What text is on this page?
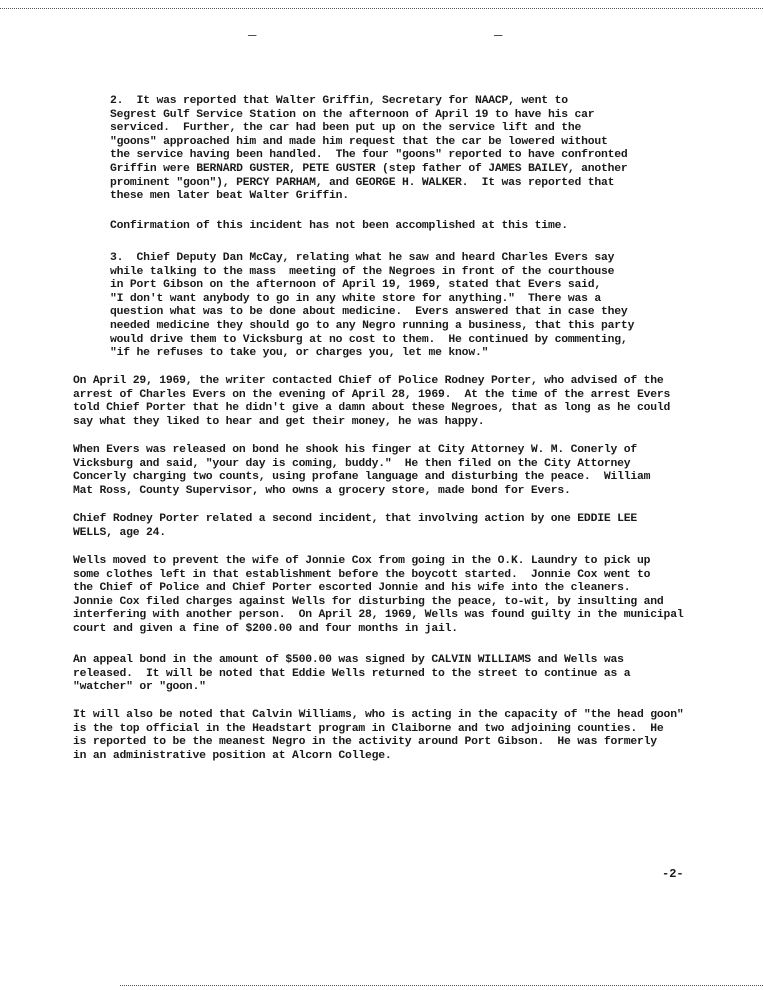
—	—
2.  It was reported that Walter Griffin, Secretary for NAACP, went to
Segrest Gulf Service Station on the afternoon of April 19 to have his car
serviced.  Further, the car had been put up on the service lift and the
"goons" approached him and made him request that the car be lowered without
the service having been handled.  The four "goons" reported to have confronted
Griffin were BERNARD GUSTER, PETE GUSTER (step father of JAMES BAILEY, another
prominent "goon"), PERCY PARHAM, and GEORGE H. WALKER.  It was reported that
these men later beat Walter Griffin.
Confirmation of this incident has not been accomplished at this time.
3.  Chief Deputy Dan McCay, relating what he saw and heard Charles Evers say
while talking to the mass  meeting of the Negroes in front of the courthouse
in Port Gibson on the afternoon of April 19, 1969, stated that Evers said,
"I don't want anybody to go in any white store for anything."  There was a
question what was to be done about medicine.  Evers answered that in case they
needed medicine they should go to any Negro running a business, that this party
would drive them to Vicksburg at no cost to them.  He continued by commenting,
"if he refuses to take you, or charges you, let me know."
On April 29, 1969, the writer contacted Chief of Police Rodney Porter, who advised of the
arrest of Charles Evers on the evening of April 28, 1969.  At the time of the arrest Evers
told Chief Porter that he didn't give a damn about these Negroes, that as long as he could
say what they liked to hear and get their money, he was happy.
When Evers was released on bond he shook his finger at City Attorney W. M. Conerly of
Vicksburg and said, "your day is coming, buddy."  He then filed on the City Attorney
Concerly charging two counts, using profane language and disturbing the peace.  William
Mat Ross, County Supervisor, who owns a grocery store, made bond for Evers.
Chief Rodney Porter related a second incident, that involving action by one EDDIE LEE
WELLS, age 24.
Wells moved to prevent the wife of Jonnie Cox from going in the O.K. Laundry to pick up
some clothes left in that establishment before the boycott started.  Jonnie Cox went to
the Chief of Police and Chief Porter escorted Jonnie and his wife into the cleaners.
Jonnie Cox filed charges against Wells for disturbing the peace, to-wit, by insulting and
interfering with another person.  On April 28, 1969, Wells was found guilty in the municipal
court and given a fine of $200.00 and four months in jail.
An appeal bond in the amount of $500.00 was signed by CALVIN WILLIAMS and Wells was
released.  It will be noted that Eddie Wells returned to the street to continue as a
"watcher" or "goon."
It will also be noted that Calvin Williams, who is acting in the capacity of "the head goon"
is the top official in the Headstart program in Claiborne and two adjoining counties.  He
is reported to be the meanest Negro in the activity around Port Gibson.  He was formerly
in an administrative position at Alcorn College.
-2-
